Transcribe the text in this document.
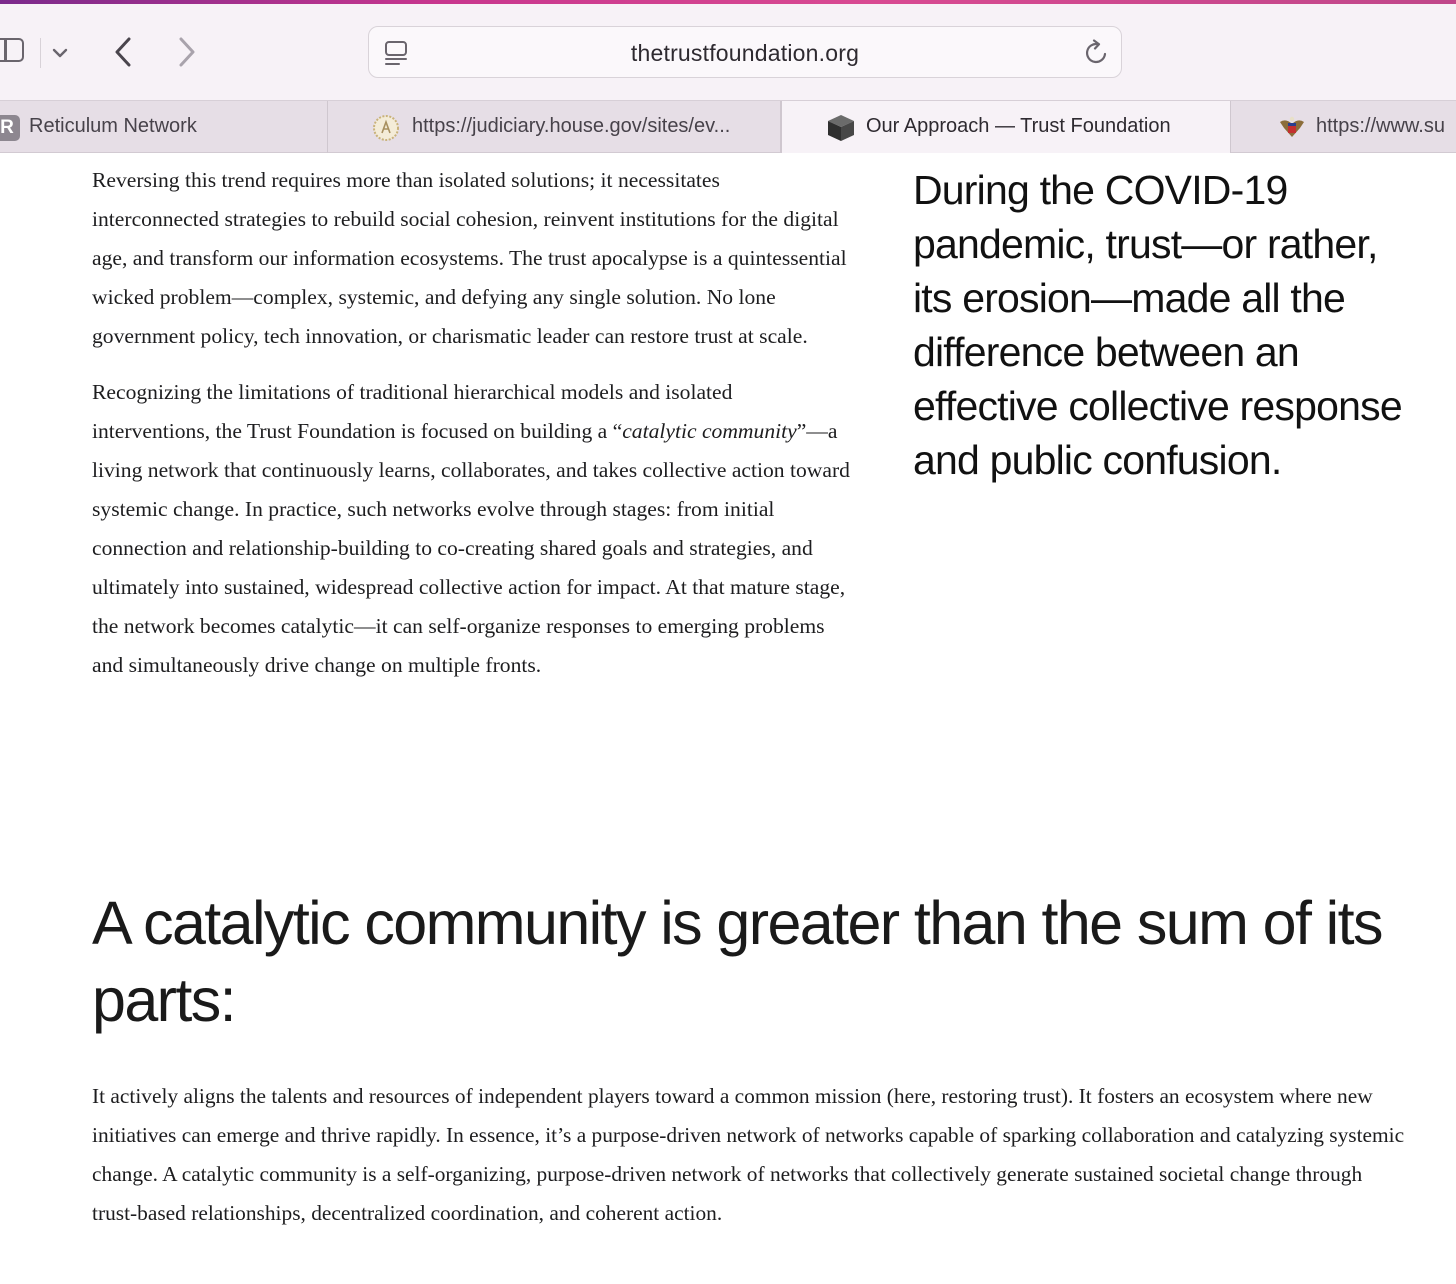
thetrustfoundation.org
R Reticulum Network	https://judiciary.house.gov/sites/ev...	Our Approach — Trust Foundation	https://www.su

Reversing this trend requires more than isolated solutions; it necessitates interconnected strategies to rebuild social cohesion, reinvent institutions for the digital age, and transform our information ecosystems. The trust apocalypse is a quintessential wicked problem—complex, systemic, and defying any single solution. No lone government policy, tech innovation, or charismatic leader can restore trust at scale.

Recognizing the limitations of traditional hierarchical models and isolated interventions, the Trust Foundation is focused on building a “catalytic community”—a living network that continuously learns, collaborates, and takes collective action toward systemic change. In practice, such networks evolve through stages: from initial connection and relationship-building to co-creating shared goals and strategies, and ultimately into sustained, widespread collective action for impact. At that mature stage, the network becomes catalytic—it can self-organize responses to emerging problems and simultaneously drive change on multiple fronts.

During the COVID-19 pandemic, trust—or rather, its erosion—made all the difference between an effective collective response and public confusion.
A catalytic community is greater than the sum of its parts:

It actively aligns the talents and resources of independent players toward a common mission (here, restoring trust). It fosters an ecosystem where new initiatives can emerge and thrive rapidly. In essence, it’s a purpose-driven network of networks capable of sparking collaboration and catalyzing systemic change. A catalytic community is a self-organizing, purpose-driven network of networks that collectively generate sustained societal change through trust-based relationships, decentralized coordination, and coherent action.
